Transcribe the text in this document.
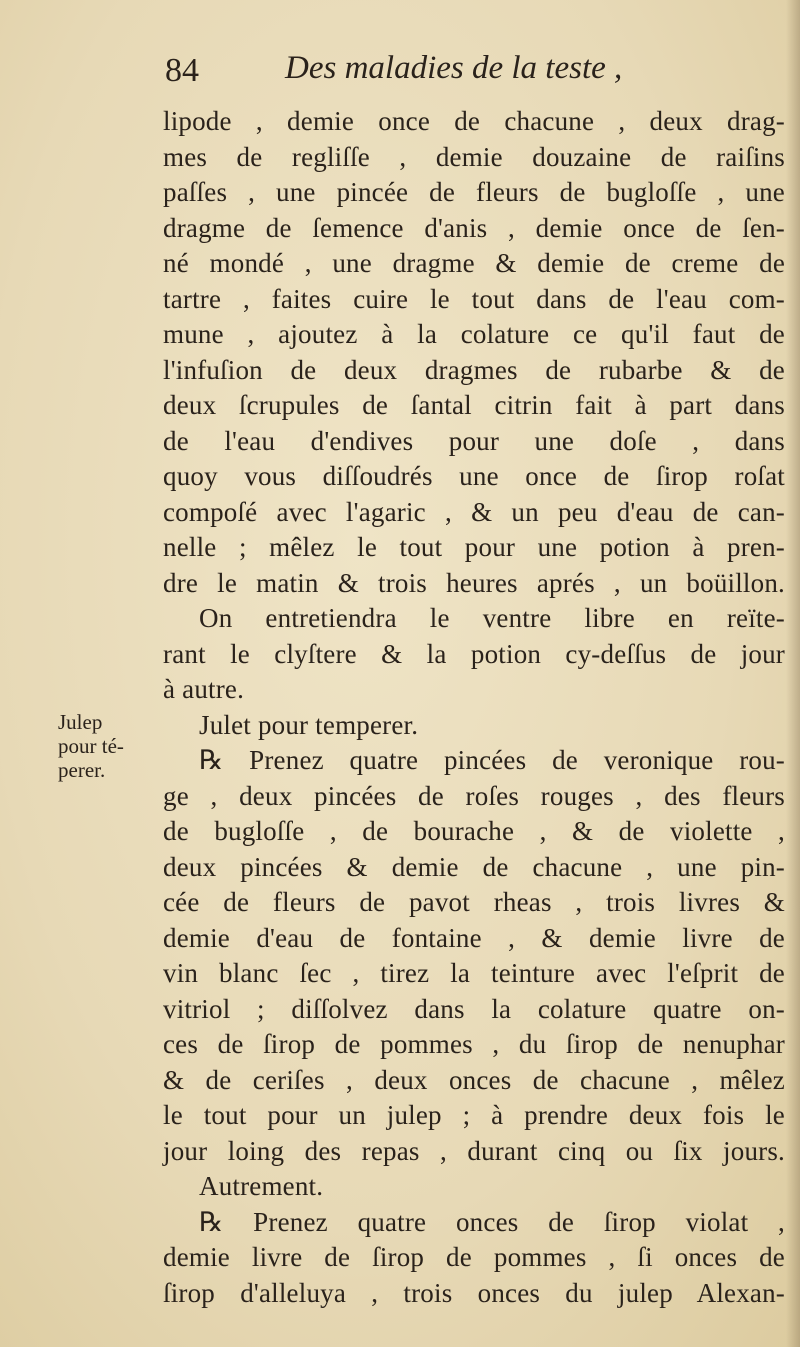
84	Des maladies de la teste ,
Julep
pour té-
perer.
lipode , demie once de chacune , deux drag-
mes de regliſſe , demie douzaine de raiſins
paſſes , une pincée de fleurs de bugloſſe , une
dragme de ſemence d'anis , demie once de ſen-
né mondé , une dragme & demie de creme de
tartre , faites cuire le tout dans de l'eau com-
mune , ajoutez à la colature ce qu'il faut de
l'infuſion de deux dragmes de rubarbe & de
deux ſcrupules de ſantal citrin fait à part dans
de l'eau d'endives pour une doſe , dans
quoy vous diſſoudrés une once de ſirop roſat
compoſé avec l'agaric , & un peu d'eau de can-
nelle ; mêlez le tout pour une potion à pren-
dre le matin & trois heures aprés , un boüillon.
On entretiendra le ventre libre en reïte-
rant le clyſtere & la potion cy-deſſus de jour
à autre.
Julet pour temperer.
℞ Prenez quatre pincées de veronique rou-
ge , deux pincées de roſes rouges , des fleurs
de bugloſſe , de bourache , & de violette ,
deux pincées & demie de chacune , une pin-
cée de fleurs de pavot rheas , trois livres &
demie d'eau de fontaine , & demie livre de
vin blanc ſec , tirez la teinture avec l'eſprit de
vitriol ; diſſolvez dans la colature quatre on-
ces de ſirop de pommes , du ſirop de nenuphar
& de ceriſes , deux onces de chacune , mêlez
le tout pour un julep ; à prendre deux fois le
jour loing des repas , durant cinq ou ſix jours.
Autrement.
℞ Prenez quatre onces de ſirop violat ,
demie livre de ſirop de pommes , ſi onces de
ſirop d'alleluya , trois onces du julep Alexan-
